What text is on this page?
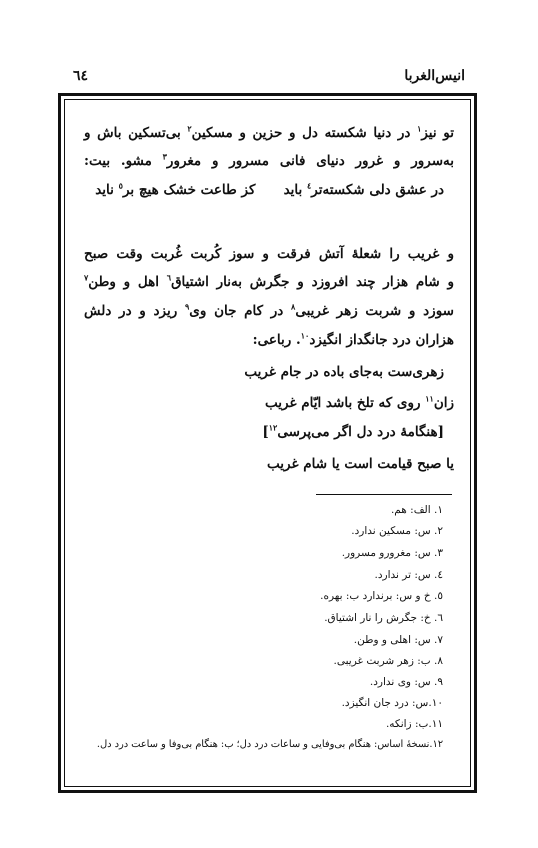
انیس‌الغربا
٦٤
تو نیز$^١$ در دنیا شکسته دل و حزین و مسکین$^٢$ بی‌تسکین باش و
به‌سرور و غرور دنیای فانی مسرور و مغرور$^٣$ مشو. بیت:
در عشق دلی شکسته‌تر$^٤$ باید      کز طاعت خشک هیچ بر$^٥$ ناید
و غریب را شعلهٔ آتش فرقت و سوز کُربت غُربت وقت صبح
و شام هزار چند افروزد و جگرش به‌نار اشتیاق$^٦$ اهل و وطن$^٧$
سوزد و شربت زهر غریبی$^٨$ در کام جان وی$^٩$ ریزد و در دلش
هزاران درد جانگداز انگیزد$^{١٠}$. رباعی:
زهری‌ست به‌جای باده در جام غریب
زان$^{١١}$ روی که تلخ باشد ایّام غریب
[هنگامهٔ درد دل اگر می‌پرسی$^{١٢}$]
یا صبح قیامت است یا شام غریب
١. الف: هم.
٢. س: مسکین ندارد.
٣. س: مغرورو مسرور.
٤. س: تر ندارد.
٥. خ و س: برندارد ب: بهره.
٦. خ: جگرش را نار اشتیاق.
٧. س: اهلی و وطن.
٨. ب: زهر شربت غریبی.
٩. س: وی ندارد.
١٠.س: درد جان انگیزد.
١١.ب: زانکه.
١٢.نسخهٔ اساس: هنگام بی‌وفایی و ساعات درد دل؛ ب: هنگام بی‌وفا و ساعت درد دل.
